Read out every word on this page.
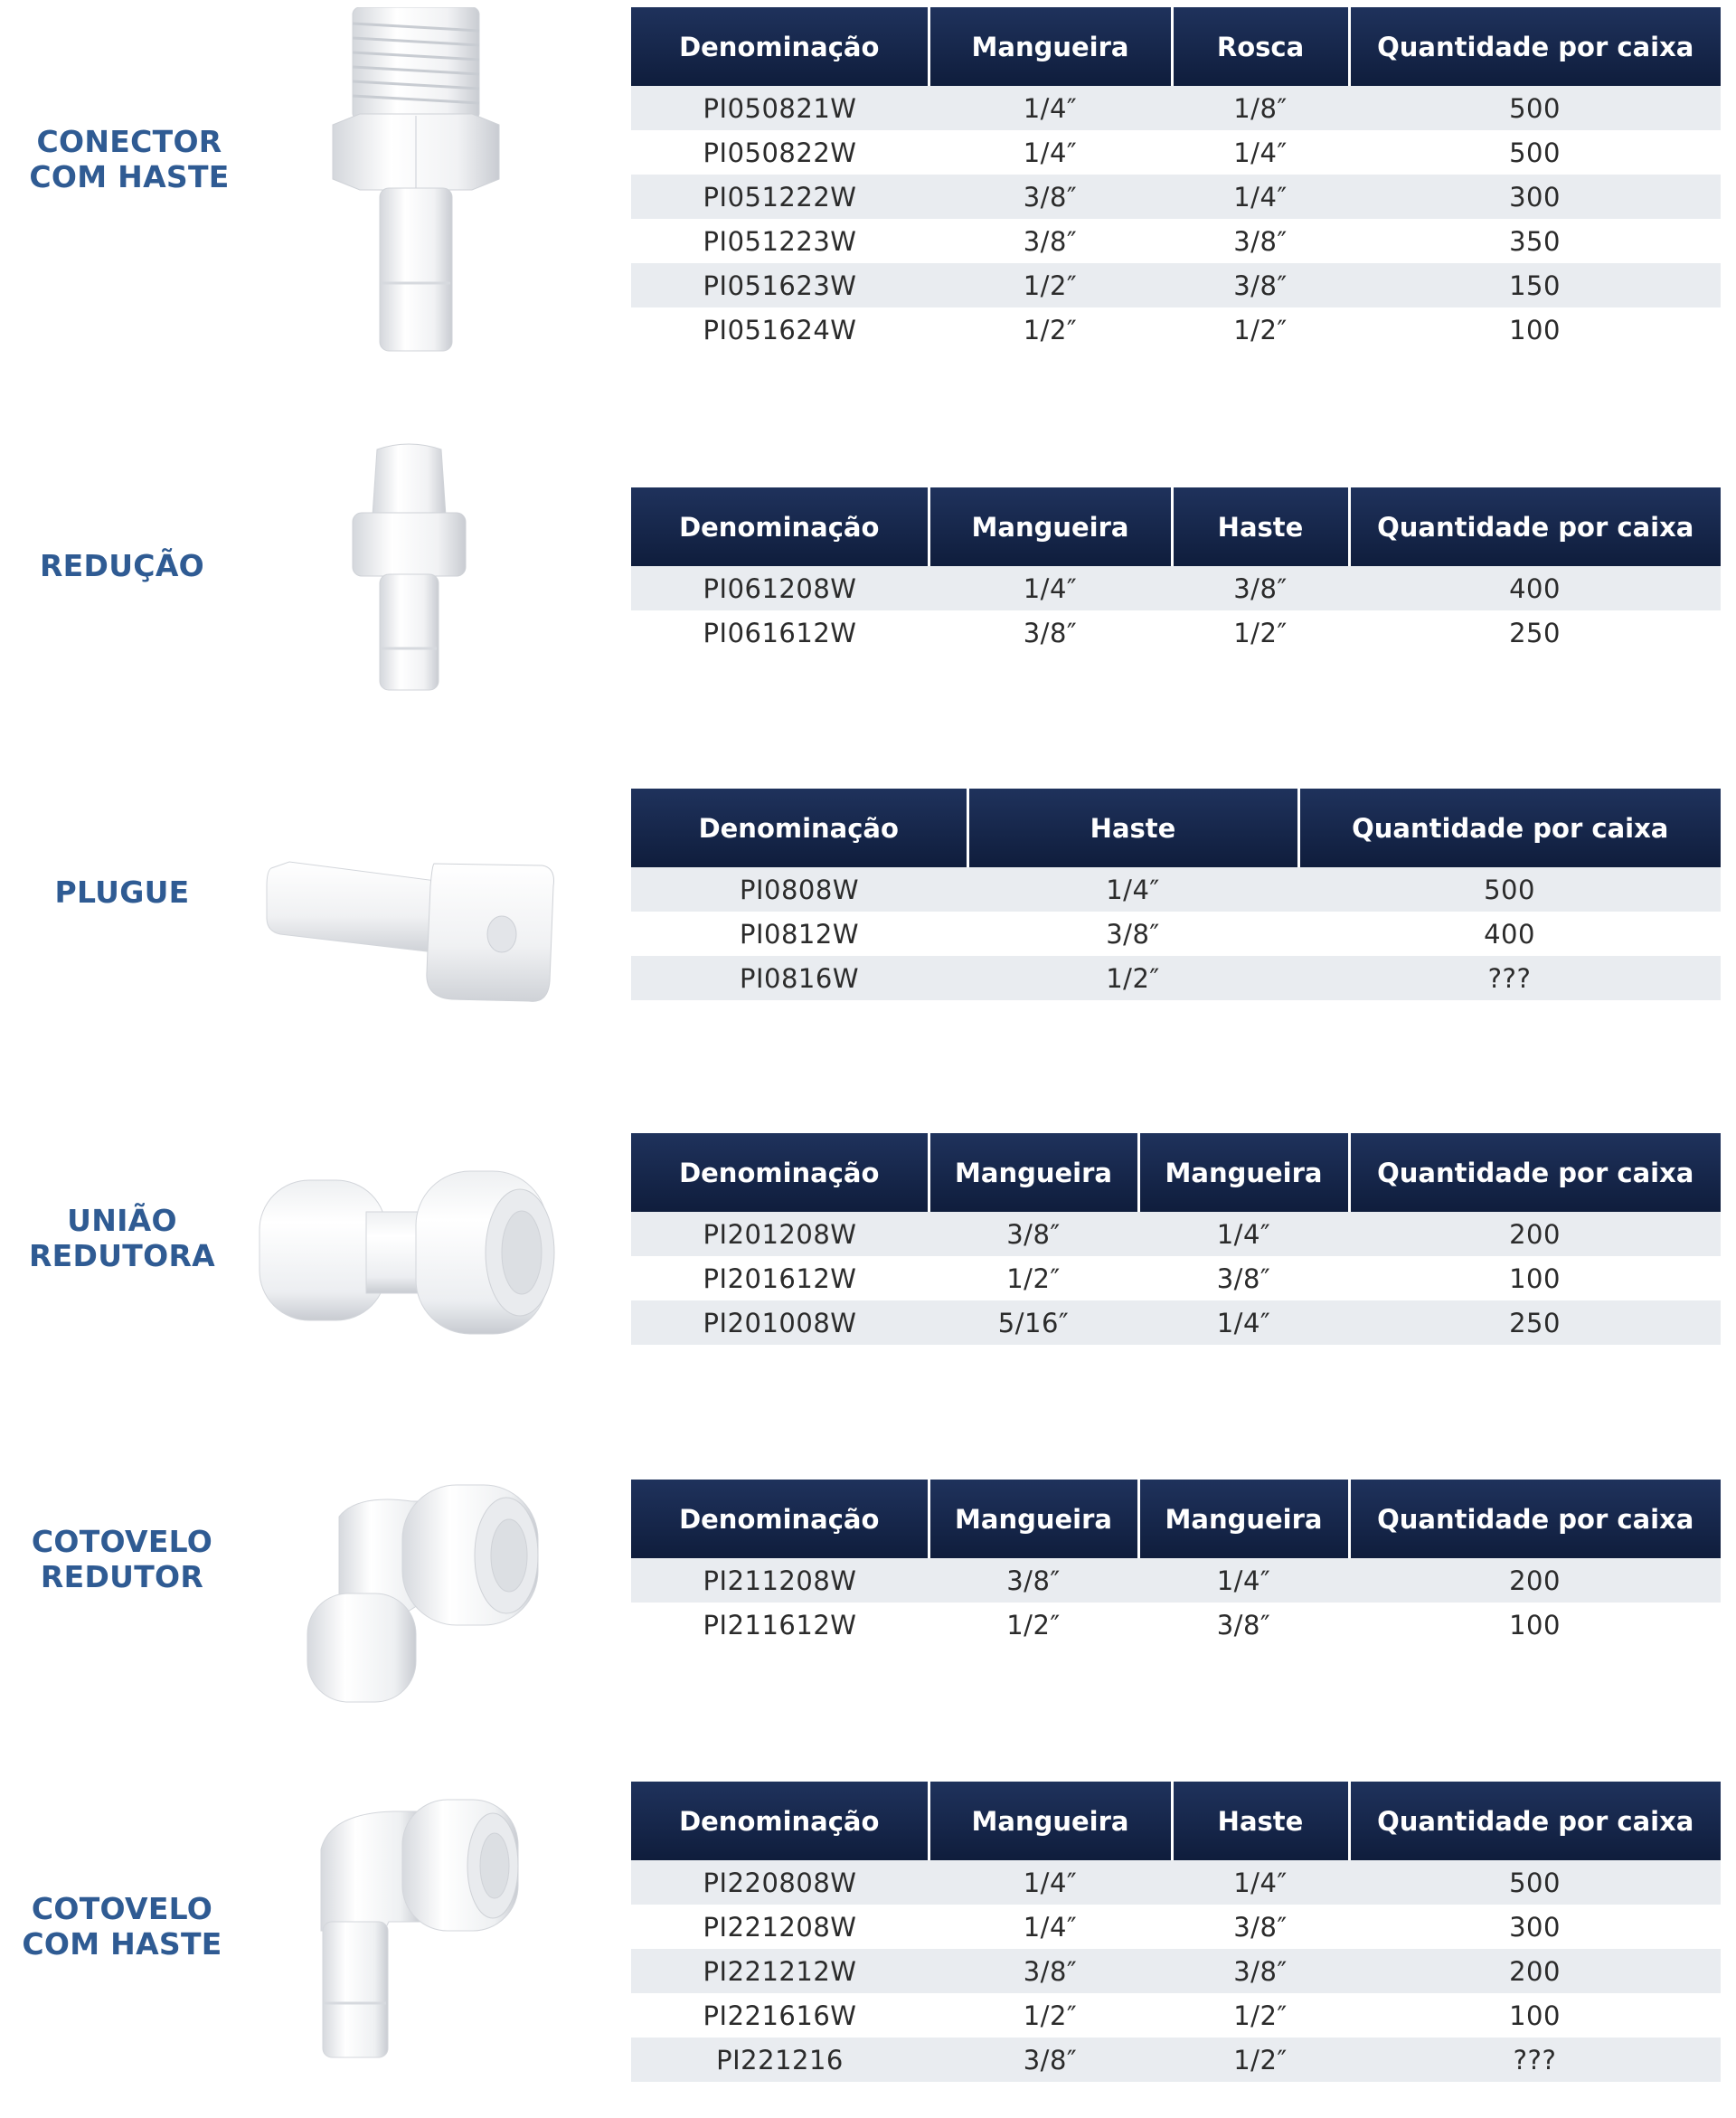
CONECTOR
COM HASTE
Denominação	Mangueira	Rosca	Quantidade por caixa
PI050821W	1/4″	1/8″	500
PI050822W	1/4″	1/4″	500
PI051222W	3/8″	1/4″	300
PI051223W	3/8″	3/8″	350
PI051623W	1/2″	3/8″	150
PI051624W	1/2″	1/2″	100
REDUÇÃO
Denominação	Mangueira	Haste	Quantidade por caixa
PI061208W	1/4″	3/8″	400
PI061612W	3/8″	1/2″	250
PLUGUE
Denominação	Haste	Quantidade por caixa
PI0808W	1/4″	500
PI0812W	3/8″	400
PI0816W	1/2″	???
UNIÃO
REDUTORA
Denominação	Mangueira	Mangueira	Quantidade por caixa
PI201208W	3/8″	1/4″	200
PI201612W	1/2″	3/8″	100
PI201008W	5/16″	1/4″	250
COTOVELO
REDUTOR
Denominação	Mangueira	Mangueira	Quantidade por caixa
PI211208W	3/8″	1/4″	200
PI211612W	1/2″	3/8″	100
COTOVELO
COM HASTE
Denominação	Mangueira	Haste	Quantidade por caixa
PI220808W	1/4″	1/4″	500
PI221208W	1/4″	3/8″	300
PI221212W	3/8″	3/8″	200
PI221616W	1/2″	1/2″	100
PI221216	3/8″	1/2″	???
